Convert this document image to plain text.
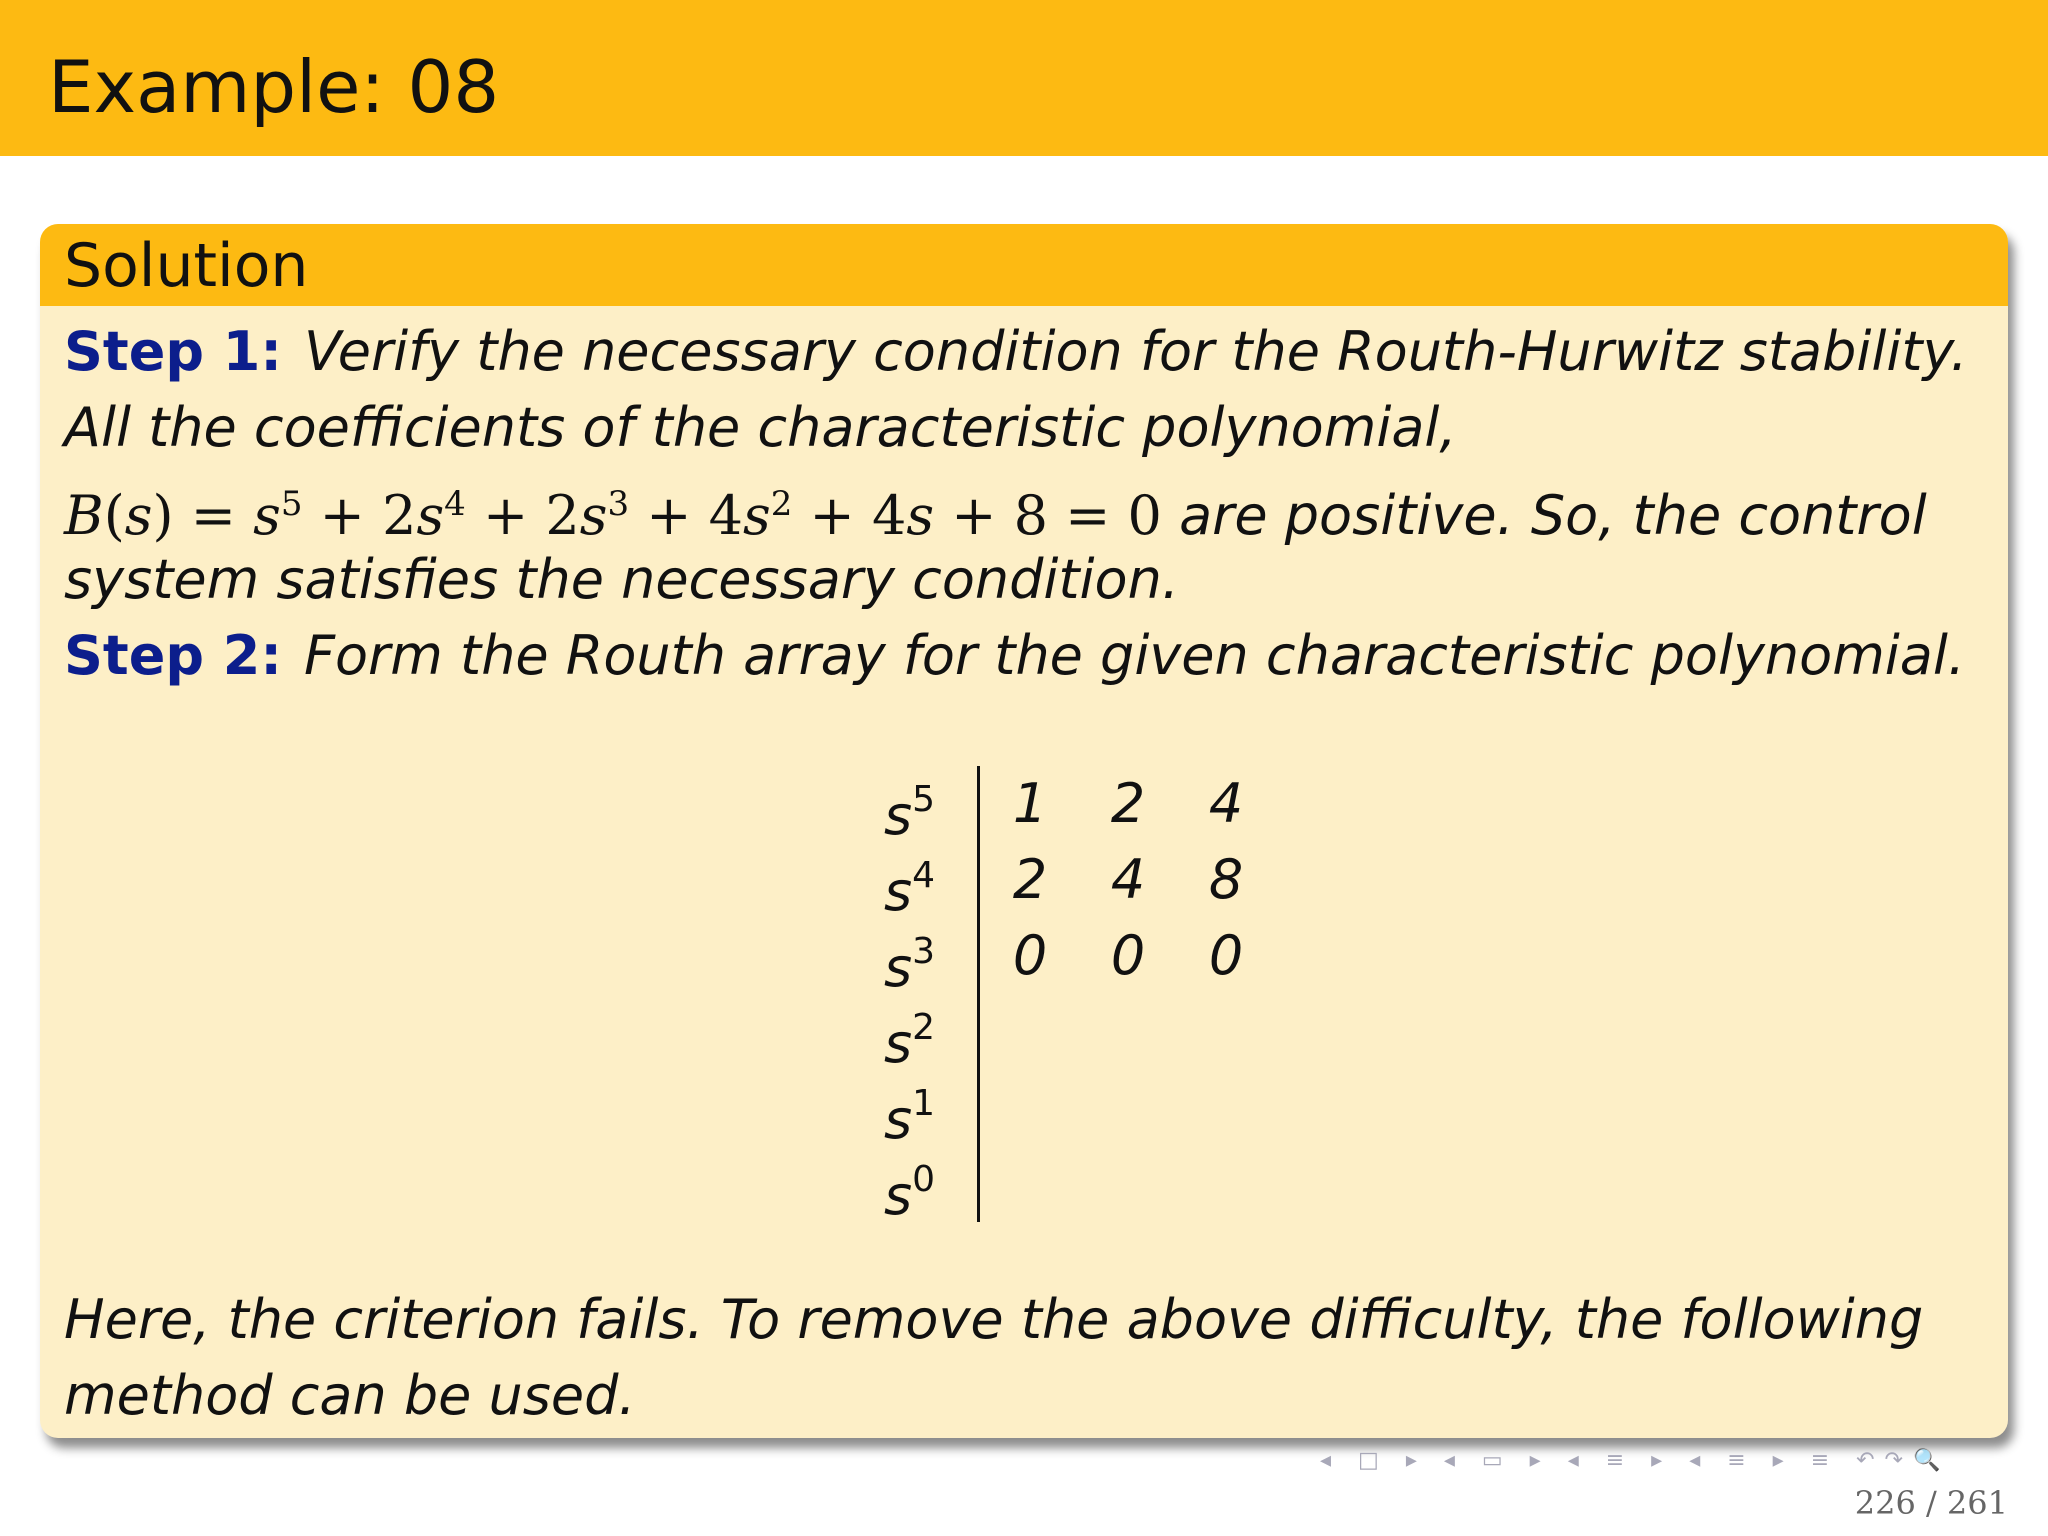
Example: 08
Solution
Step 1: Verify the necessary condition for the Routh-Hurwitz stability.
All the coefficients of the characteristic polynomial,
$B(s) = s^5 + 2s^4 + 2s^3 + 4s^2 + 4s + 8 = 0$ are positive. So, the control
system satisfies the necessary condition.
Step 2: Form the Routh array for the given characteristic polynomial.
$s^5$ 1 2 4
$s^4$ 2 4 8
$s^3$ 0 0 0
$s^2$
$s^1$
$s^0$
Here, the criterion fails. To remove the above difficulty, the following
method can be used.
◂ □ ▸ ◂ ▭ ▸ ◂ ≡ ▸ ◂ ≡ ▸ ≡ ↶↷🔍
226 / 261
